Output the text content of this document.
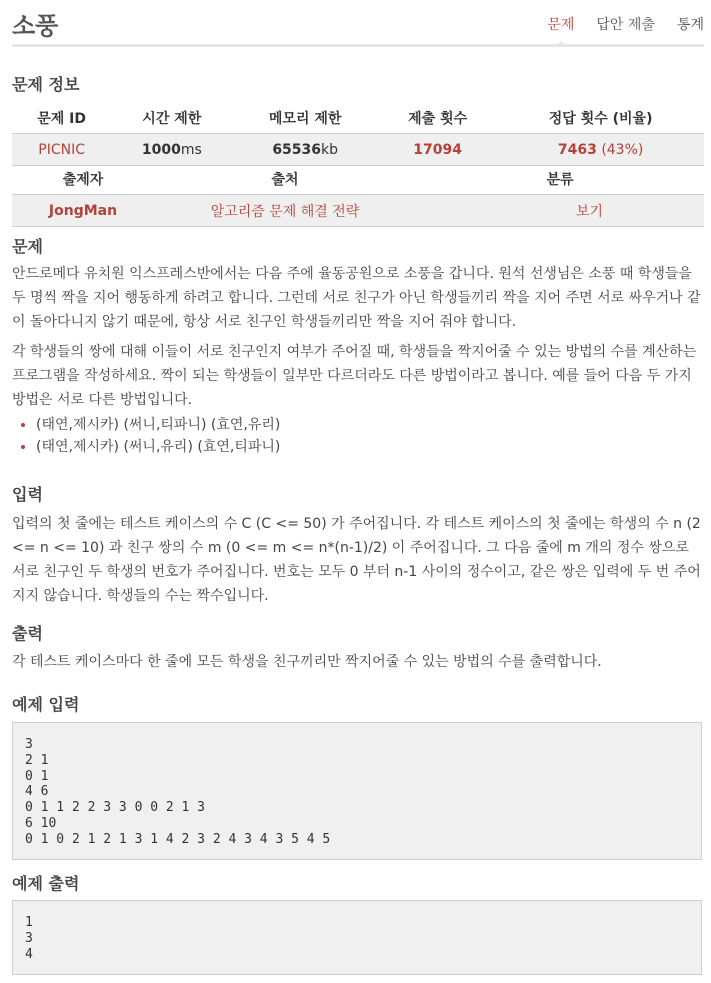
소풍	문제 답안 제출 통계
문제 정보
문제 ID	시간 제한	메모리 제한	제출 횟수	정답 횟수 (비율)
PICNIC	1000ms	65536kb	17094	7463 (43%)
출제자	출처	분류
JongMan	알고리즘 문제 해결 전략	보기
문제

안드로메다 유치원 익스프레스반에서는 다음 주에 율동공원으로 소풍을 갑니다. 원석 선생님은 소풍 때 학생들을 두 명씩 짝을 지어 행동하게 하려고 합니다. 그런데 서로 친구가 아닌 학생들끼리 짝을 지어 주면 서로 싸우거나 같이 돌아다니지 않기 때문에, 항상 서로 친구인 학생들끼리만 짝을 지어 줘야 합니다.

각 학생들의 쌍에 대해 이들이 서로 친구인지 여부가 주어질 때, 학생들을 짝지어줄 수 있는 방법의 수를 계산하는 프로그램을 작성하세요. 짝이 되는 학생들이 일부만 다르더라도 다른 방법이라고 봅니다. 예를 들어 다음 두 가지 방법은 서로 다른 방법입니다.

• (태연,제시카) (써니,티파니) (효연,유리)
• (태연,제시카) (써니,유리) (효연,티파니)
입력

입력의 첫 줄에는 테스트 케이스의 수 C (C <= 50) 가 주어집니다. 각 테스트 케이스의 첫 줄에는 학생의 수 n (2 <= n <= 10) 과 친구 쌍의 수 m (0 <= m <= n*(n-1)/2) 이 주어집니다. 그 다음 줄에 m 개의 정수 쌍으로 서로 친구인 두 학생의 번호가 주어집니다. 번호는 모두 0 부터 n-1 사이의 정수이고, 같은 쌍은 입력에 두 번 주어지지 않습니다. 학생들의 수는 짝수입니다.

출력

각 테스트 케이스마다 한 줄에 모든 학생을 친구끼리만 짝지어줄 수 있는 방법의 수를 출력합니다.

예제 입력
3
2 1
0 1
4 6
0 1 1 2 2 3 3 0 0 2 1 3
6 10
0 1 0 2 1 2 1 3 1 4 2 3 2 4 3 4 3 5 4 5
예제 출력
1
3
4
